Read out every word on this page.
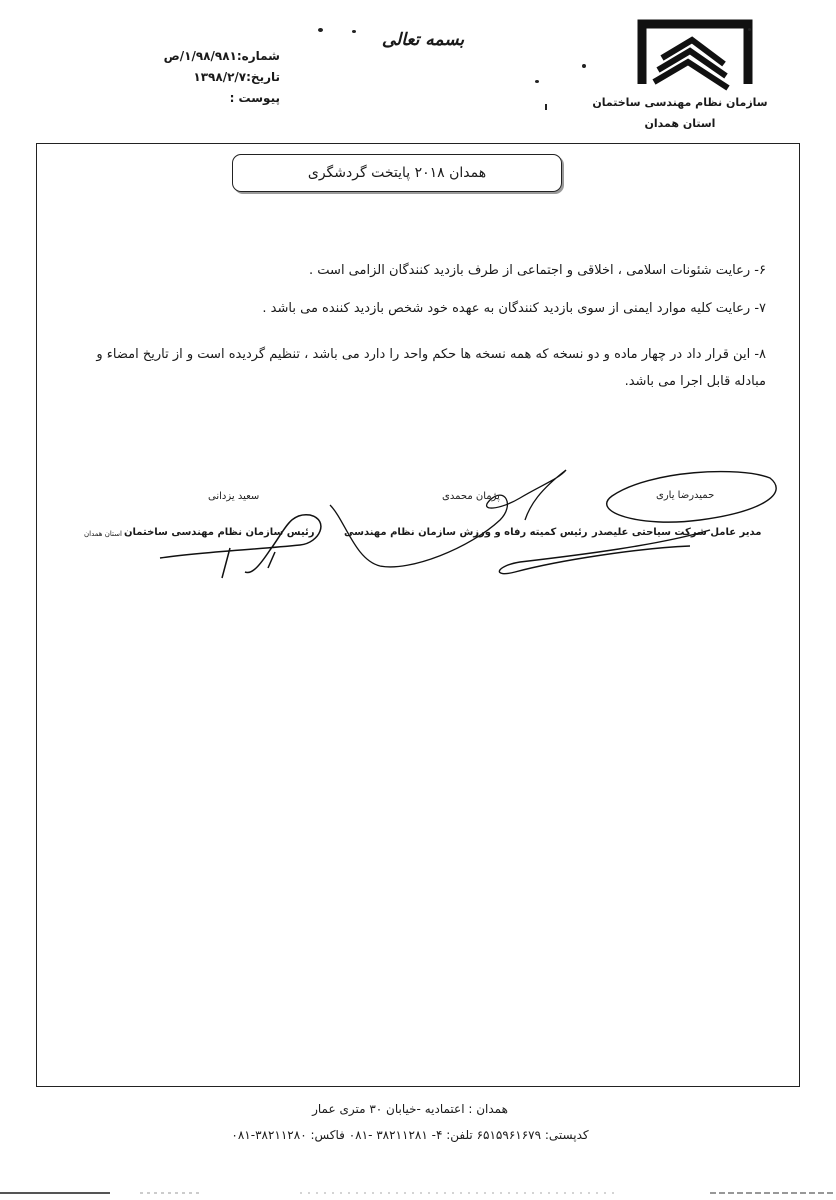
سازمان نظام مهندسی ساختمان
استان همدان
بسمه تعالی
شماره:۱/۹۸/۹۸۱/ص
تاریخ:۱۳۹۸/۲/۷
پیوست :
همدان ۲۰۱۸ پایتخت گردشگری
۶- رعایت شئونات اسلامی ، اخلاقی و اجتماعی از طرف بازدید کنندگان الزامی است .
۷- رعایت کلیه موارد ایمنی از سوی بازدید کنندگان به عهده خود شخص بازدید کننده می باشد .
۸- این قرار داد در چهار ماده و دو نسخه که همه نسخه ها حکم واحد را دارد می باشد ، تنظیم گردیده است و از تاریخ امضاء و مبادله قابل اجرا می باشد.
حمیدرضا یاری
مدیر عامل شرکت سیاحتی علیصدر
پژمان محمدی
رئیس کمیته رفاه و ورزش سازمان نظام مهندسی
سعید یزدانی
رئیس سازمان نظام مهندسی ساختمان
استان همدان
همدان : اعتمادیه -خیابان ۳۰ متری عمار
کدپستی: ۶۵۱۵۹۶۱۶۷۹ تلفن: ۴- ۳۸۲۱۱۲۸۱ -۰۸۱ فاکس: ۳۸۲۱۱۲۸۰-۰۸۱
